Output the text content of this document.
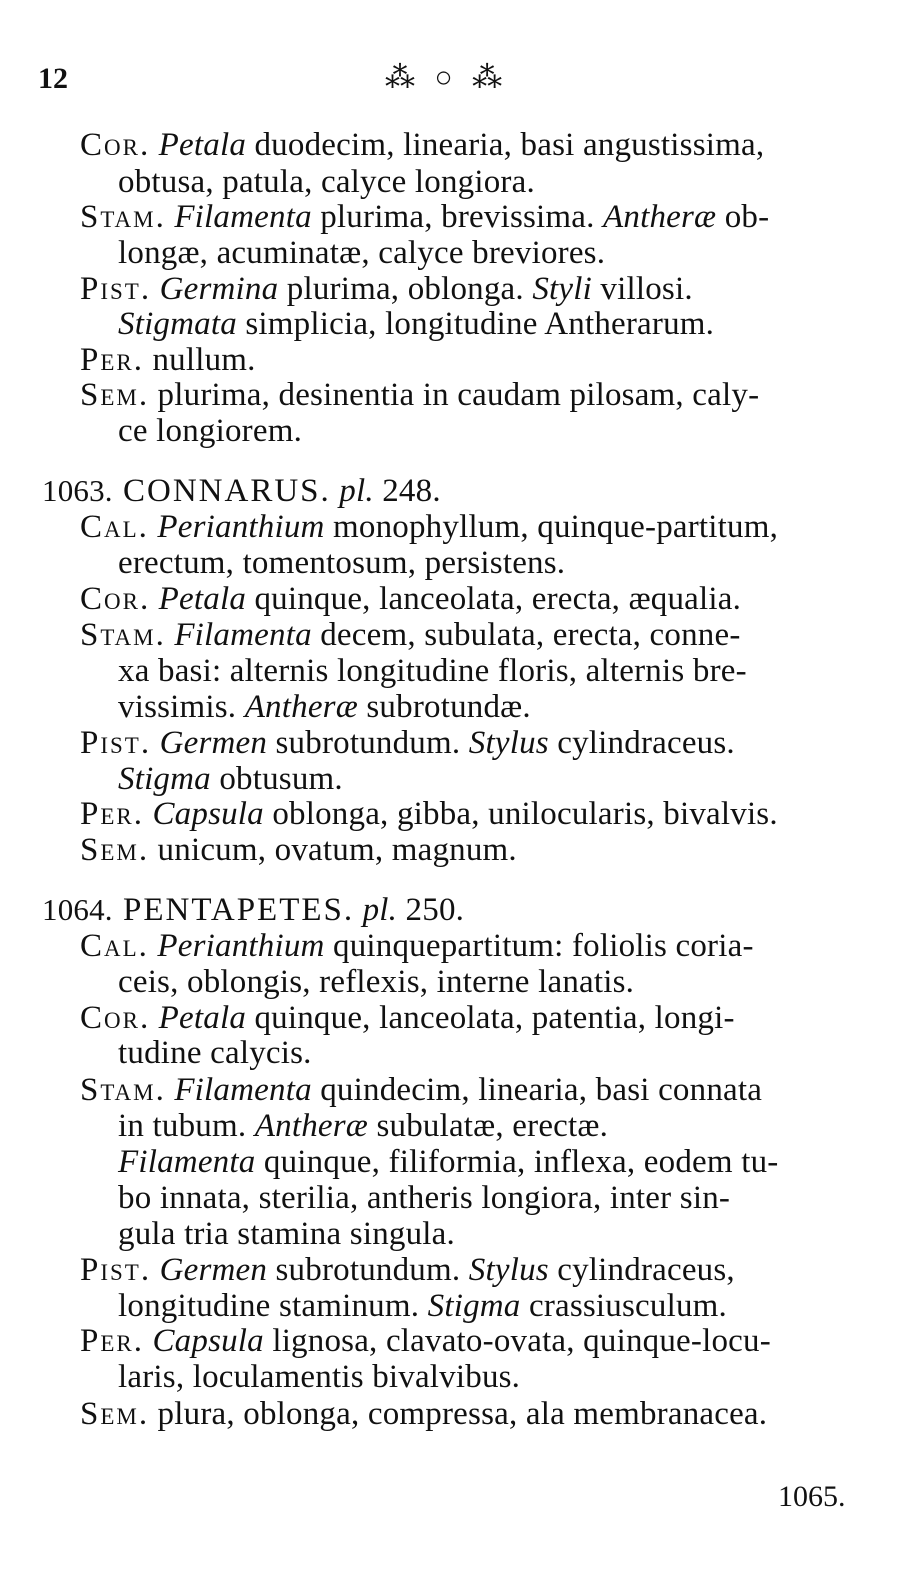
12	⁂ ○ ⁂
Cor. Petala duodecim, linearia, basi angustissima,
obtusa, patula, calyce longiora.
Stam. Filamenta plurima, brevissima. Antheræ ob-
longæ, acuminatæ, calyce breviores.
Pist. Germina plurima, oblonga. Styli villosi.
Stigmata simplicia, longitudine Antherarum.
Per. nullum.
Sem. plurima, desinentia in caudam pilosam, caly-
ce longiorem.
1063. CONNARUS. pl. 248.
Cal. Perianthium monophyllum, quinque-partitum,
erectum, tomentosum, persistens.
Cor. Petala quinque, lanceolata, erecta, æqualia.
Stam. Filamenta decem, subulata, erecta, conne-
xa basi: alternis longitudine floris, alternis bre-
vissimis. Antheræ subrotundæ.
Pist. Germen subrotundum. Stylus cylindraceus.
Stigma obtusum.
Per. Capsula oblonga, gibba, unilocularis, bivalvis.
Sem. unicum, ovatum, magnum.
1064. PENTAPETES. pl. 250.
Cal. Perianthium quinquepartitum: foliolis coria-
ceis, oblongis, reflexis, interne lanatis.
Cor. Petala quinque, lanceolata, patentia, longi-
tudine calycis.
Stam. Filamenta quindecim, linearia, basi connata
in tubum. Antheræ subulatæ, erectæ.
Filamenta quinque, filiformia, inflexa, eodem tu-
bo innata, sterilia, antheris longiora, inter sin-
gula tria stamina singula.
Pist. Germen subrotundum. Stylus cylindraceus,
longitudine staminum. Stigma crassiusculum.
Per. Capsula lignosa, clavato-ovata, quinque-locu-
laris, loculamentis bivalvibus.
Sem. plura, oblonga, compressa, ala membranacea.
1065.
